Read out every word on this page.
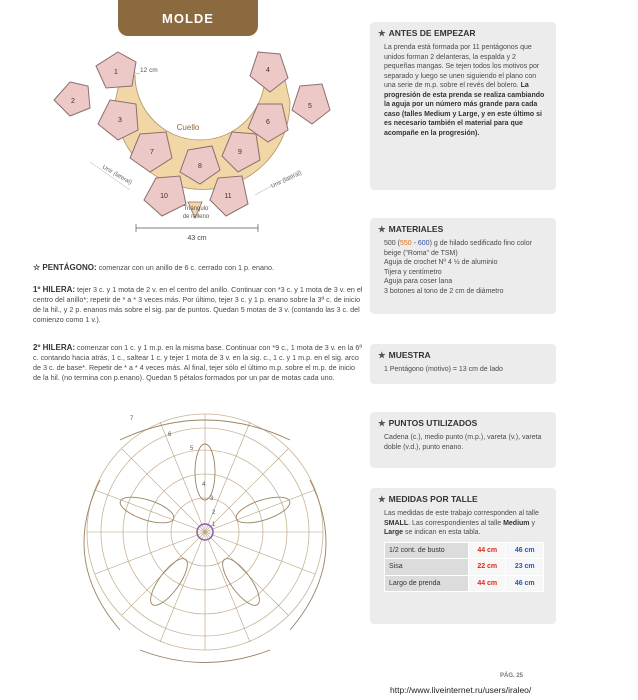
MOLDE
Cuello
12 cm
1
2
3
4
5
6
7
8
9
10	11
Unir (lateral)	Unir (lateral)
Triángulo
de relleno
43 cm
☆ PENTÁGONO: comenzar con un anillo de 6 c. cerrado con 1 p. enano.
1º HILERA: tejer 3 c. y 1 mota de 2 v. en el centro del anillo. Continuar con *3 c. y 1 mota de 3 v. en el centro del anillo*; repetir de * a * 3 veces más. Por último, tejer 3 c. y 1 p. enano sobre la 3ª c. de inicio de la hil., y 2 p. enanos más sobre el sig. par de puntos. Quedan 5 motas de 3 v. (contando las 3 c. del comienzo como 1 v.).
2º HILERA: comenzar con 1 c. y 1 m.p. en la misma base. Continuar con *9 c., 1 mota de 3 v. en la 6ª c. contando hacia atrás, 1 c., saltear 1 c. y tejer 1 mota de 3 v. en la sig. c., 1 c. y 1 m.p. en el sig. arco de 3 c. de base*. Repetir de * a * 4 veces más. Al final, tejer sólo el último m.p. sobre el m.p. de inicio de la hil. (no termina con p.enano). Quedan 5 pétalos formados por un par de motas cada uno.
7
6
5
4
3
2
1
★ ANTES DE EMPEZAR
La prenda está formada por 11 pentágonos que unidos forman 2 delanteras, la espalda y 2 pequeñas mangas. Se tejen todos los motivos por separado y luego se unen siguiendo el plano con una serie de m.p. sobre el revés del bolero. La progresión de esta prenda se realiza cambiando la aguja por un número más grande para cada caso (talles Medium y Large, y en este último si es necesario también el material para que acompañe en la progresión).
★ MATERIALES
500 (550 - 600) g de hilado sedificado fino color beige ("Roma" de TSM)
Aguja de crochet Nº 4 ½ de aluminio
Tijera y centímetro
Aguja para coser lana
3 botones al tono de 2 cm de diámetro
★ MUESTRA
1 Pentágono (motivo) = 13 cm de lado
★ PUNTOS UTILIZADOS
Cadena (c.), medio punto (m.p.), vareta (v.), vareta doble (v.d.), punto enano.
★ MEDIDAS POR TALLE
Las medidas de este trabajo corresponden al talle SMALL. Las correspondientes al talle Medium y Large se indican en esta tabla.
1/2 cont. de busto	44 cm	46 cm
Sisa	22 cm	23 cm
Largo de prenda	44 cm	46 cm
PÁG. 25
http://www.liveinternet.ru/users/iraleo/
